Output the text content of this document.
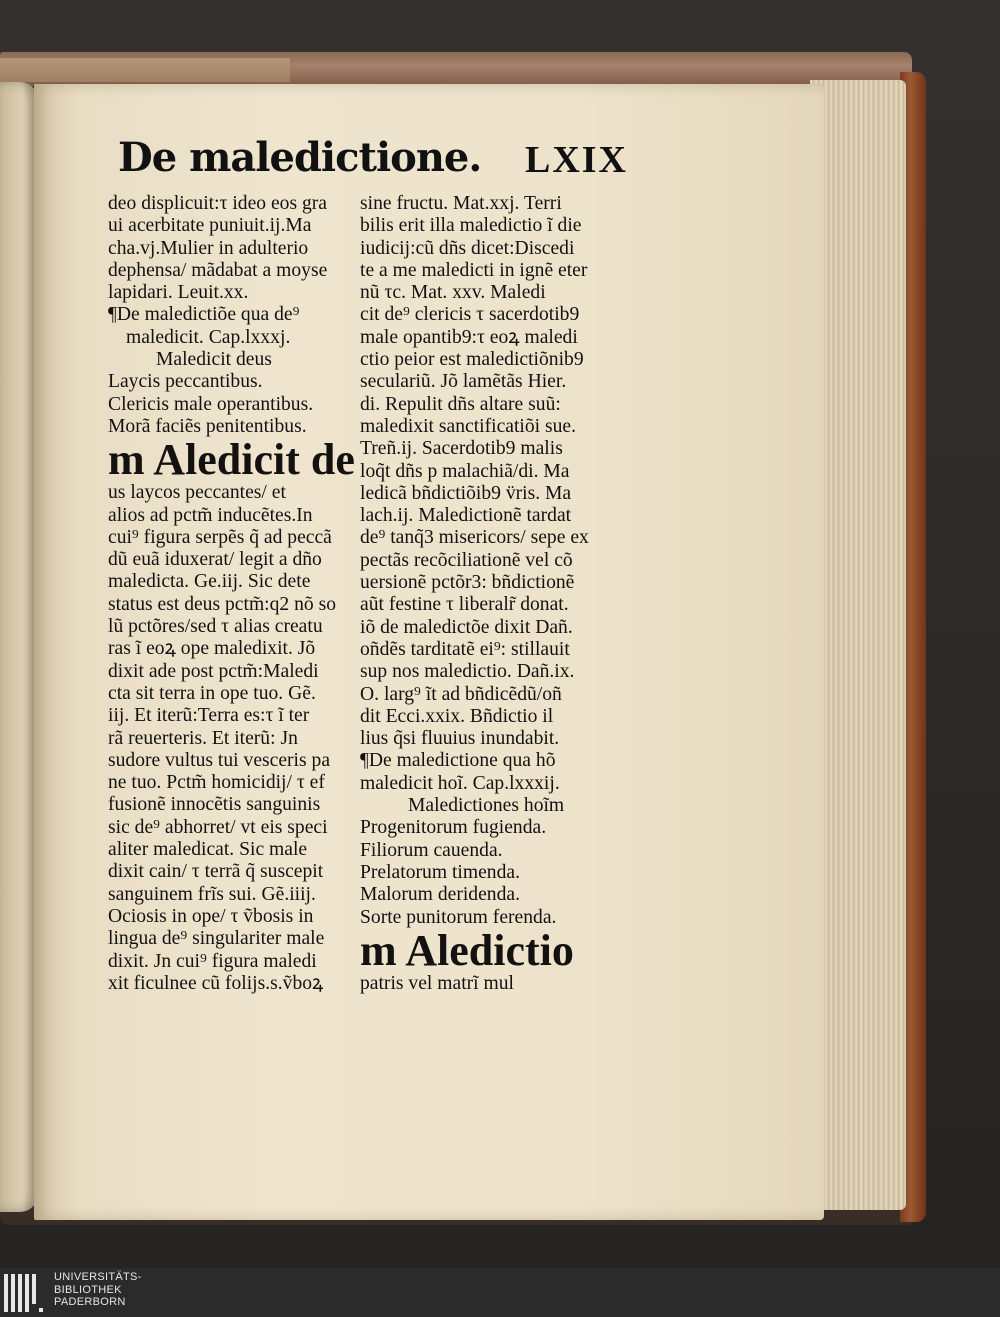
De maledictione. LXIX
deo displicuit:τ ideo eos gra
ui acerbitate puniuit.ij.Ma
cha.vj.Mulier in adulterio
dephensa/ mãdabat a moyse
lapidari. Leuit.xx.
¶De maledictiõe qua de⁹
maledicit. Cap.lxxxj.
Maledicit deus
Laycis peccantibus.
Clericis male operantibus.
Morã faciẽs penitentibus.
m Aledicit de
us laycos peccantes/ et
alios ad pctm̃ inducẽtes.In
cui⁹ figura serpẽs q̃ ad peccã
dũ euã iduxerat/ legit a dño
maledicta. Ge.iij. Sic dete
status est deus pctm̃:q2 nõ so
lũ pctõres/sed τ alias creatu
ras ĩ eoꝝ ope maledixit. Jõ
dixit ade post pctm̃:Maledi
cta sit terra in ope tuo. Gẽ.
iij. Et iterũ:Terra es:τ ĩ ter
rã reuerteris. Et iterũ: Jn
sudore vultus tui vesceris pa
ne tuo. Pctm̃ homicidij/ τ ef
fusionẽ innocẽtis sanguinis
sic de⁹ abhorret/ vt eis speci
aliter maledicat. Sic male
dixit cain/ τ terrã q̃ suscepit
sanguinem frĩs sui. Gẽ.iiij.
Ociosis in ope/ τ ṽbosis in
lingua de⁹ singulariter male
dixit. Jn cui⁹ figura maledi
xit ficulnee cũ folijs.s.ṽboꝝ
sine fructu. Mat.xxj. Terri
bilis erit illa maledictio ĩ die
iudicij:cũ dñs dicet:Discedi
te a me maledicti in ignẽ eter
nũ τc. Mat. xxv. Maledi
cit de⁹ clericis τ sacerdotib9
male opantib9:τ eoꝝ maledi
ctio peior est maledictiõnib9
seculariũ. Jõ lamẽtãs Hier.
di. Repulit dñs altare suũ:
maledixit sanctificatiõi sue.
Treñ.ij. Sacerdotib9 malis
loq̃t dñs p malachiã/di. Ma
ledicã bñdictiõib9 v̈ris. Ma
lach.ij. Maledictionẽ tardat
de⁹ tanq̃3 misericors/ sepe ex
pectãs recõciliationẽ vel cõ
uersionẽ pctõr3: bñdictionẽ
aũt festine τ liberalr̃ donat.
iõ de maledictõe dixit Dañ.
oñdẽs tarditatẽ ei⁹: stillauit
sup nos maledictio. Dañ.ix.
O. larg⁹ ĩt ad bñdicẽdũ/oñ
dit Ecci.xxix. Bñdictio il
lius q̃si fluuius inundabit.
¶De maledictione qua hõ
maledicit hoĩ. Cap.lxxxij.
Maledictiones hoĩm
Progenitorum fugienda.
Filiorum cauenda.
Prelatorum timenda.
Malorum deridenda.
Sorte punitorum ferenda.
m Aledictio
patris vel matrĩ mul
UNIVERSITÄTS-
BIBLIOTHEK
PADERBORN
